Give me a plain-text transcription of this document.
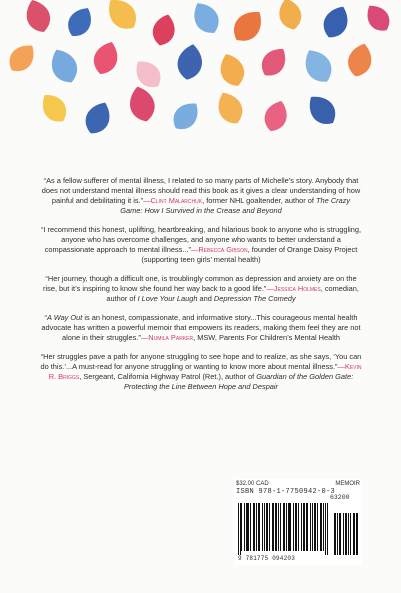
“As a fellow sufferer of mental illness, I related to so many parts of Michelle’s story. Anybody that does not understand mental illness should read this book as it gives a clear understanding of how painful and debilitating it is.”—Clint Malarchuk, former NHL goaltender, author of The Crazy Game: How I Survived in the Crease and Beyond

“I recommend this honest, uplifting, heartbreaking, and hilarious book to anyone who is struggling, anyone who has overcome challenges, and anyone who wants to better understand a compassionate approach to mental illness...”—Rebecca Gibson, founder of Orange Daisy Project (supporting teen girls’ mental health)

“Her journey, though a difficult one, is troublingly common as depression and anxiety are on the rise, but it’s inspiring to know she found her way back to a good life.”—Jessica Holmes, comedian, author of I Love Your Laugh and Depression The Comedy

“A Way Out is an honest, compassionate, and informative story...This courageous mental health advocate has written a powerful memoir that empowers its readers, making them feel they are not alone in their struggles.”—Numila Parker, MSW, Parents For Children’s Mental Health

“Her struggles pave a path for anyone struggling to see hope and to realize, as she says, ‘You can do this.’...A must-read for anyone struggling or wanting to know more about mental illness.”—Kevin R. Briggs, Sergeant, California Highway Patrol (Ret.), author of Guardian of the Golden Gate: Protecting the Line Between Hope and Despair

$32.00 CAD	MEMOIR
ISBN 978-1-7750942-0-3
63200
9 781775 094203
